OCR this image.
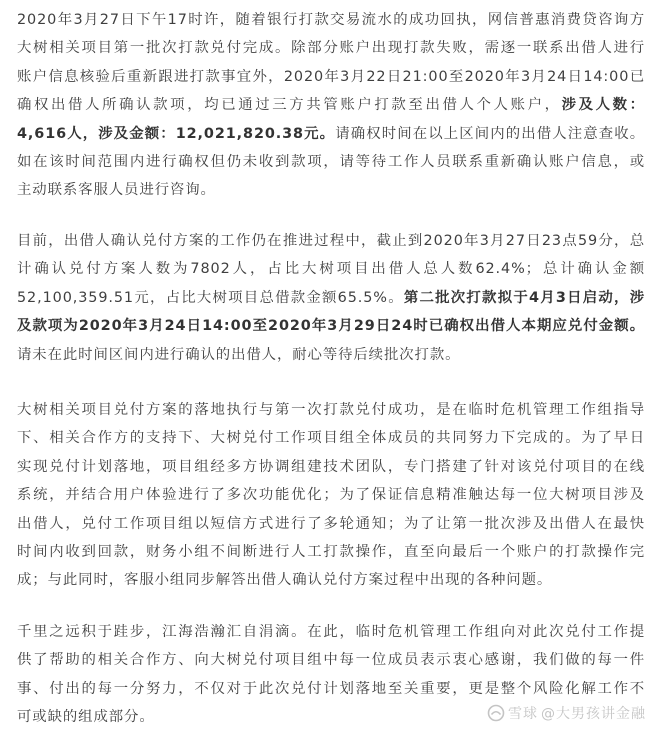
2020年3月27日下午17时许，随着银行打款交易流水的成功回执，网信普惠消费贷咨询方
大树相关项目第一批次打款兑付完成。除部分账户出现打款失败，需逐一联系出借人进行
账户信息核验后重新跟进打款事宜外，2020年3月22日21:00至2020年3月24日14:00已
确权出借人所确认款项，均已通过三方共管账户打款至出借人个人账户，涉及人数：
4,616人，涉及金额：12,021,820.38元。请确权时间在以上区间内的出借人注意查收。
如在该时间范围内进行确权但仍未收到款项，请等待工作人员联系重新确认账户信息，或
主动联系客服人员进行咨询。
目前，出借人确认兑付方案的工作仍在推进过程中，截止到2020年3月27日23点59分，总
计确认兑付方案人数为7802人，占比大树项目出借人总人数62.4%；总计确认金额
52,100,359.51元，占比大树项目总借款金额65.5%。第二批次打款拟于4月3日启动，涉
及款项为2020年3月24日14:00至2020年3月29日24时已确权出借人本期应兑付金额。
请未在此时间区间内进行确认的出借人，耐心等待后续批次打款。
大树相关项目兑付方案的落地执行与第一次打款兑付成功，是在临时危机管理工作组指导
下、相关合作方的支持下、大树兑付工作项目组全体成员的共同努力下完成的。为了早日
实现兑付计划落地，项目组经多方协调组建技术团队，专门搭建了针对该兑付项目的在线
系统，并结合用户体验进行了多次功能优化；为了保证信息精准触达每一位大树项目涉及
出借人，兑付工作项目组以短信方式进行了多轮通知；为了让第一批次涉及出借人在最快
时间内收到回款，财务小组不间断进行人工打款操作，直至向最后一个账户的打款操作完
成；与此同时，客服小组同步解答出借人确认兑付方案过程中出现的各种问题。
千里之远积于跬步，江海浩瀚汇自涓滴。在此，临时危机管理工作组向对此次兑付工作提
供了帮助的相关合作方、向大树兑付项目组中每一位成员表示衷心感谢，我们做的每一件
事、付出的每一分努力，不仅对于此次兑付计划落地至关重要，更是整个风险化解工作不
可或缺的组成部分。	雪球 @大男孩讲金融
